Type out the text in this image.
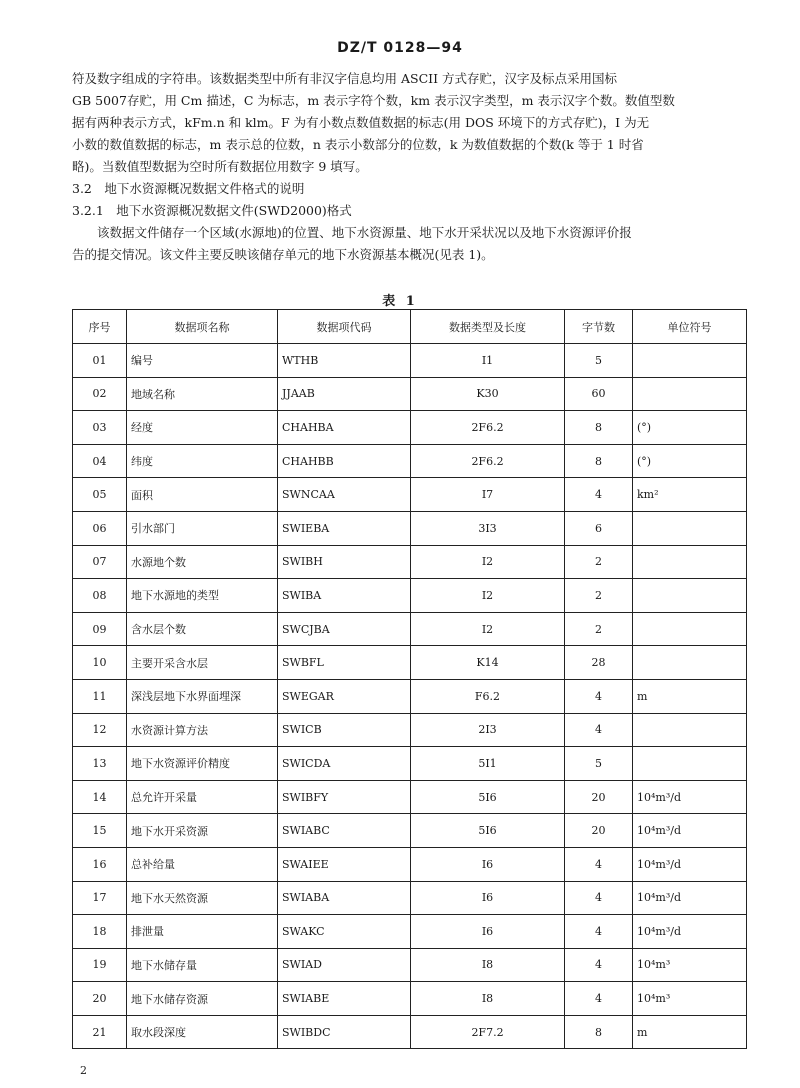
DZ/T 0128—94

符及数字组成的字符串。该数据类型中所有非汉字信息均用 ASCII 方式存贮，汉字及标点采用国标

GB 5007存贮，用 Cm 描述，C 为标志，m 表示字符个数，km 表示汉字类型，m 表示汉字个数。数值型数

据有两种表示方式，kFm.n 和 klm。F 为有小数点数值数据的标志(用 DOS 环境下的方式存贮)，I 为无

小数的数值数据的标志，m 表示总的位数，n 表示小数部分的位数，k 为数值数据的个数(k 等于 1 时省

略)。当数值型数据为空时所有数据位用数字 9 填写。

3.2　地下水资源概况数据文件格式的说明

3.2.1　地下水资源概况数据文件(SWD2000)格式

该数据文件储存一个区域(水源地)的位置、地下水资源量、地下水开采状况以及地下水资源评价报

告的提交情况。该文件主要反映该储存单元的地下水资源基本概况(见表 1)。

表 1
序号	数据项名称	数据项代码	数据类型及长度	字节数	单位符号
01	编号	WTHB	I1	5	
02	地域名称	JJAAB	K30	60	
03	经度	CHAHBA	2F6.2	8	(°)
04	纬度	CHAHBB	2F6.2	8	(°)
05	面积	SWNCAA	I7	4	km²
06	引水部门	SWIEBA	3I3	6	
07	水源地个数	SWIBH	I2	2	
08	地下水源地的类型	SWIBA	I2	2	
09	含水层个数	SWCJBA	I2	2	
10	主要开采含水层	SWBFL	K14	28	
11	深浅层地下水界面埋深	SWEGAR	F6.2	4	m
12	水资源计算方法	SWICB	2I3	4	
13	地下水资源评价精度	SWICDA	5I1	5	
14	总允许开采量	SWIBFY	5I6	20	10⁴m³/d
15	地下水开采资源	SWIABC	5I6	20	10⁴m³/d
16	总补给量	SWAIEE	I6	4	10⁴m³/d
17	地下水天然资源	SWIABA	I6	4	10⁴m³/d
18	排泄量	SWAKC	I6	4	10⁴m³/d
19	地下水储存量	SWIAD	I8	4	10⁴m³
20	地下水储存资源	SWIABE	I8	4	10⁴m³
21	取水段深度	SWIBDC	2F7.2	8	m
2
